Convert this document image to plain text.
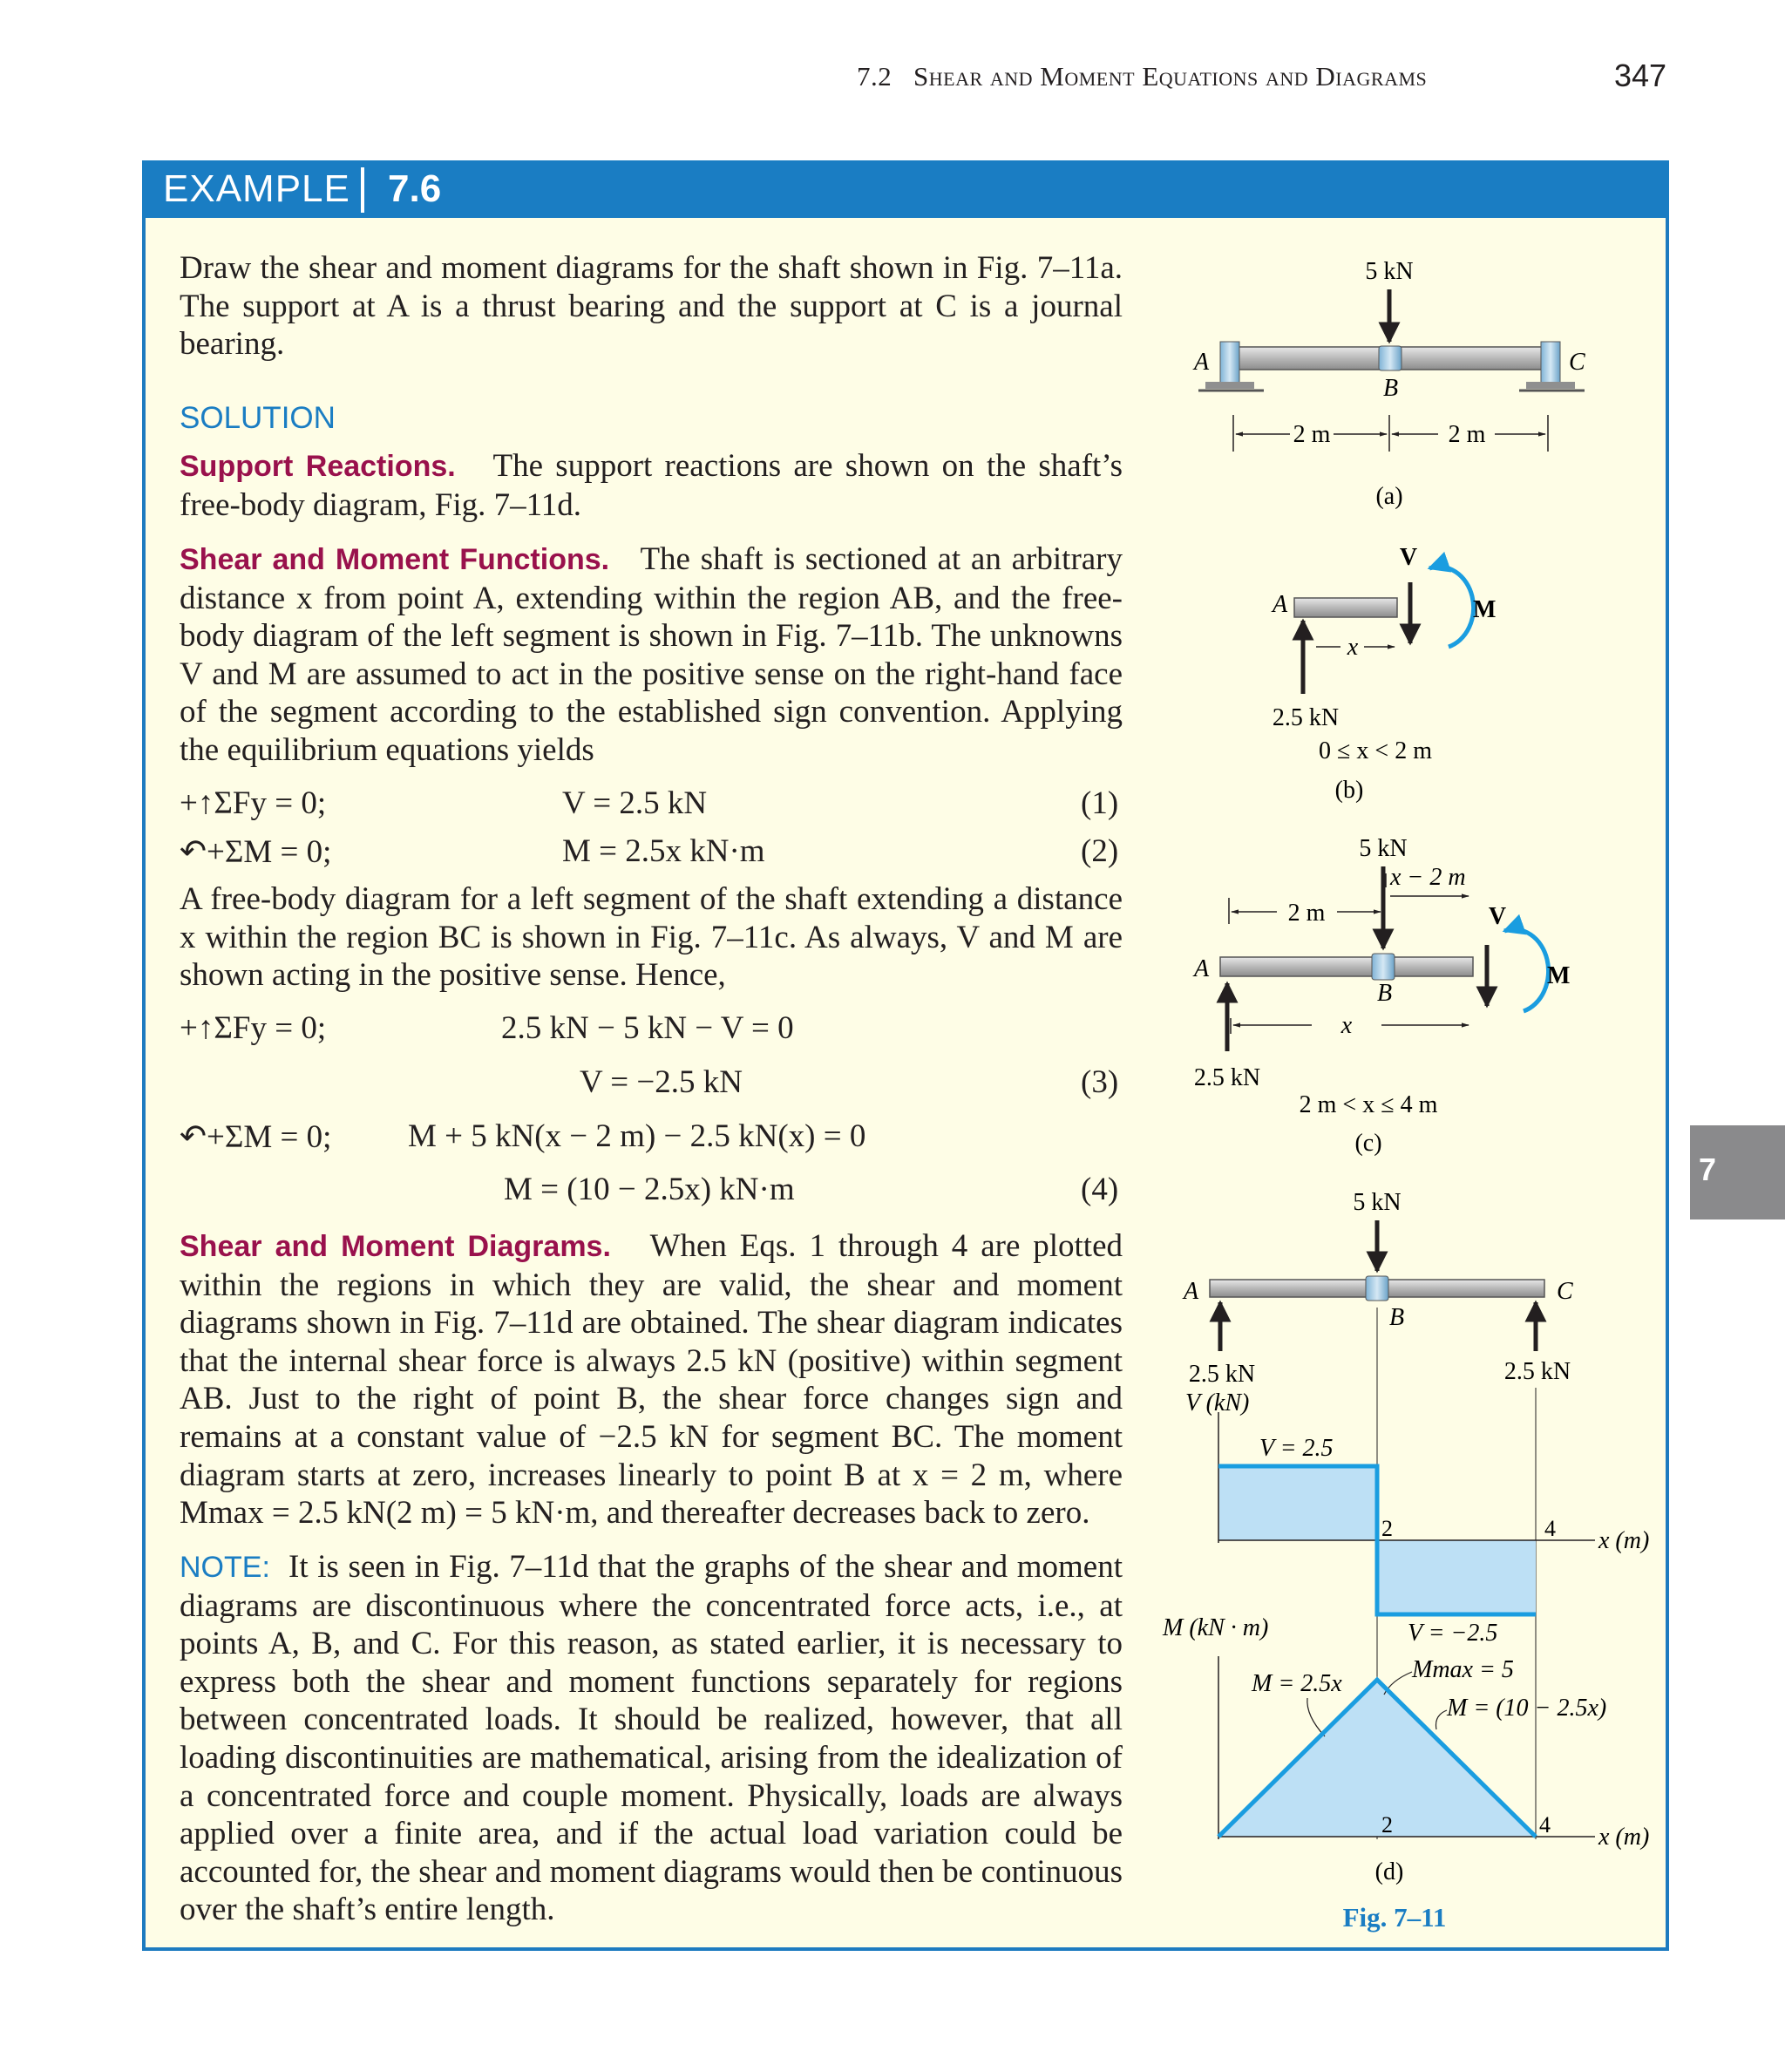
7.2 Shear and Moment Equations and Diagrams	347
EXAMPLE 7.6
7

Draw the shear and moment diagrams for the shaft shown in Fig. 7–11a. The support at A is a thrust bearing and the support at C is a journal bearing.

SOLUTION

Support Reactions. The support reactions are shown on the shaft’s free-body diagram, Fig. 7–11d.

Shear and Moment Functions. The shaft is sectioned at an arbitrary distance x from point A, extending within the region AB, and the free-body diagram of the left segment is shown in Fig. 7–11b. The unknowns V and M are assumed to act in the positive sense on the right-hand face of the segment according to the established sign convention. Applying the equilibrium equations yields

+↑ΣFy = 0;	V = 2.5 kN	(1)
↶+ΣM = 0;	M = 2.5x kN·m	(2)

A free-body diagram for a left segment of the shaft extending a distance x within the region BC is shown in Fig. 7–11c. As always, V and M are shown acting in the positive sense. Hence,

+↑ΣFy = 0;	2.5 kN − 5 kN − V = 0
V = −2.5 kN	(3)
↶+ΣM = 0; M + 5 kN(x − 2 m) − 2.5 kN(x) = 0
M = (10 − 2.5x) kN·m	(4)

Shear and Moment Diagrams. When Eqs. 1 through 4 are plotted within the regions in which they are valid, the shear and moment diagrams shown in Fig. 7–11d are obtained. The shear diagram indicates that the internal shear force is always 2.5 kN (positive) within segment AB. Just to the right of point B, the shear force changes sign and remains at a constant value of −2.5 kN for segment BC. The moment diagram starts at zero, increases linearly to point B at x = 2 m, where Mmax = 2.5 kN(2 m) = 5 kN·m, and thereafter decreases back to zero.

NOTE: It is seen in Fig. 7–11d that the graphs of the shear and moment diagrams are discontinuous where the concentrated force acts, i.e., at points A, B, and C. For this reason, as stated earlier, it is necessary to express both the shear and moment functions separately for regions between concentrated loads. It should be realized, however, that all loading discontinuities are mathematical, arising from the idealization of a concentrated force and couple moment. Physically, loads are always applied over a finite area, and if the actual load variation could be accounted for, the shear and moment diagrams would then be continuous over the shaft’s entire length.

5 kN
A
B
C
2 m	2 m
(a)
A
2.5 kN
V
M
x
0 ≤ x < 2 m
(b)
5 kN
x − 2 m
2 m
A
B
2.5 kN
V
M
x
2 m < x ≤ 4 m
(c)
5 kN
A
B
C
2.5 kN	2.5 kN
V (kN)
x (m)
V = 2.5
V = −2.5
2	4
M (kN · m)
x (m)
M = 2.5x
Mmax = 5
M = (10 − 2.5x)
2	4
(d)
Fig. 7–11
